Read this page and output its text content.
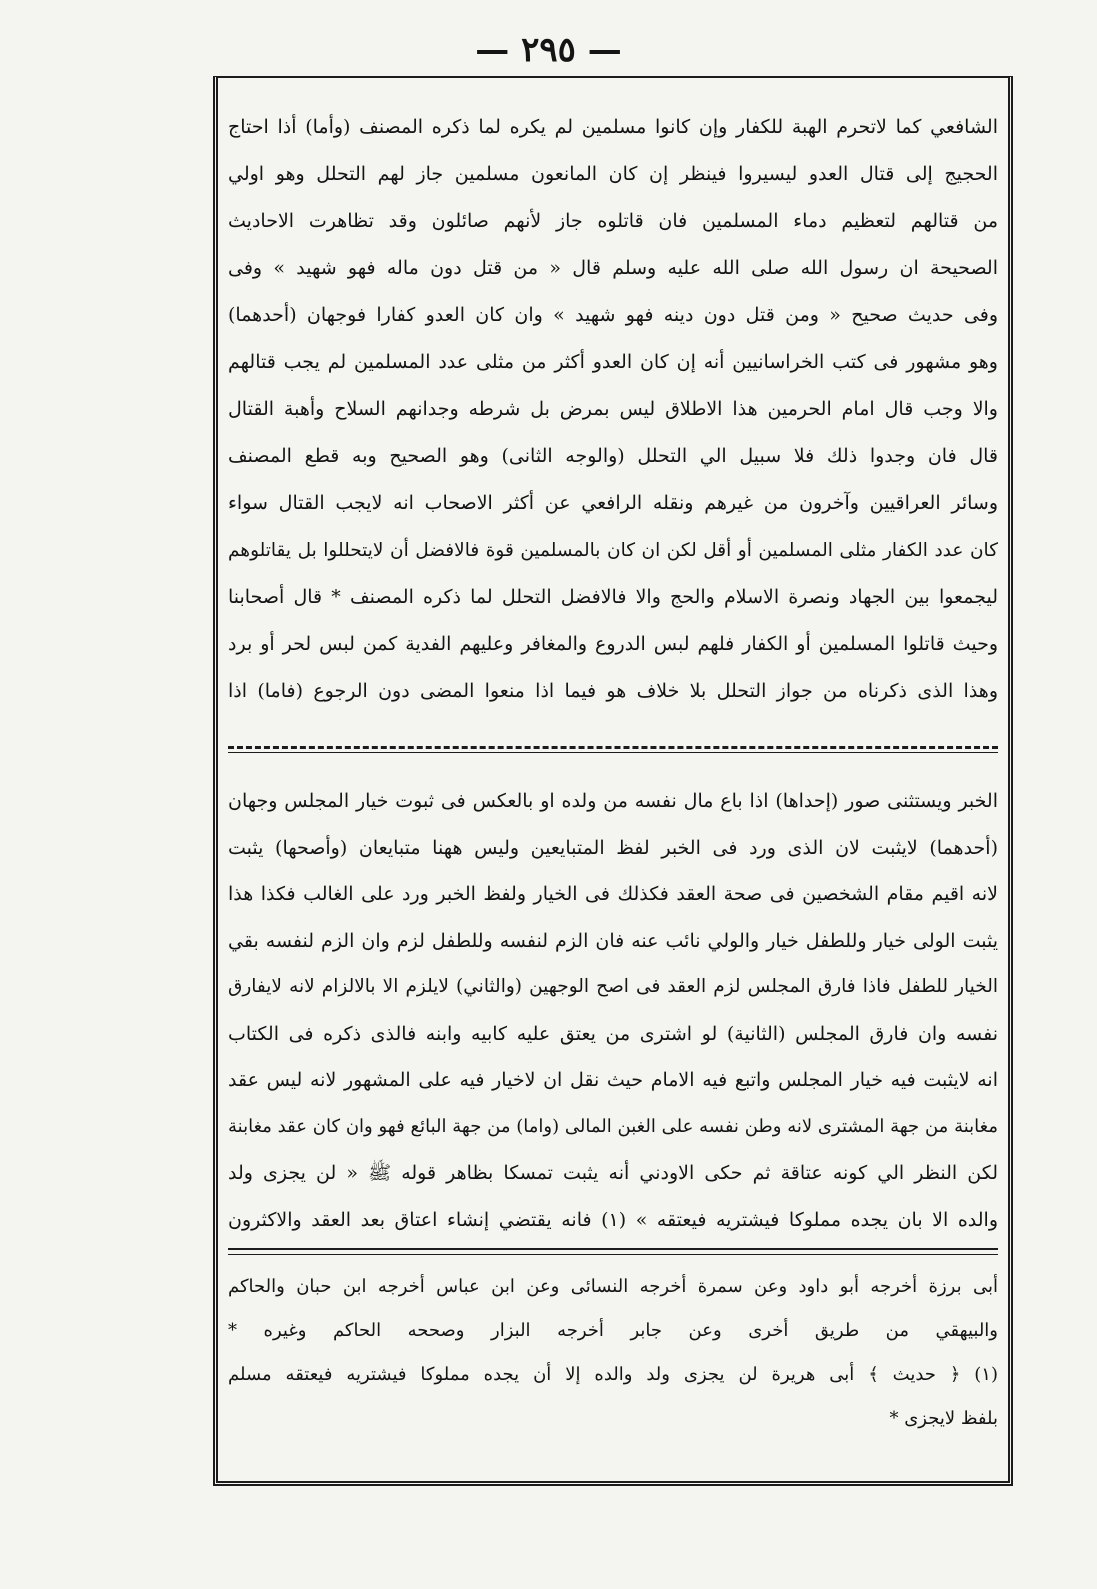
— ٢٩٥ —
الشافعي كما لاتحرم الهبة للكفار وإن كانوا مسلمين لم يكره لما ذكره المصنف (وأما) أذا احتاج
الحجيج إلى قتال العدو ليسيروا فينظر إن كان المانعون مسلمين جاز لهم التحلل وهو اولي
من قتالهم لتعظيم دماء المسلمين فان قاتلوه جاز لأنهم صائلون وقد تظاهرت الاحاديث
الصحيحة ان رسول الله صلى الله عليه وسلم قال « من قتل دون ماله فهو شهيد » وفى
وفى حديث صحيح « ومن قتل دون دينه فهو شهيد » وان كان العدو كفارا فوجهان (أحدهما)
وهو مشهور فى كتب الخراسانيين أنه إن كان العدو أكثر من مثلى عدد المسلمين لم يجب قتالهم
والا وجب قال امام الحرمين هذا الاطلاق ليس بمرض بل شرطه وجدانهم السلاح وأهبة القتال
قال فان وجدوا ذلك فلا سبيل الي التحلل (والوجه الثانى) وهو الصحيح وبه قطع المصنف
وسائر العراقيين وآخرون من غيرهم ونقله الرافعي عن أكثر الاصحاب انه لايجب القتال سواء
كان عدد الكفار مثلى المسلمين أو أقل لكن ان كان بالمسلمين قوة فالافضل أن لايتحللوا بل يقاتلوهم
ليجمعوا بين الجهاد ونصرة الاسلام والحج والا فالافضل التحلل لما ذكره المصنف * قال أصحابنا
وحيث قاتلوا المسلمين أو الكفار فلهم لبس الدروع والمغافر وعليهم الفدية كمن لبس لحر أو برد
وهذا الذى ذكرناه من جواز التحلل بلا خلاف هو فيما اذا منعوا المضى دون الرجوع (فاما) اذا
الخبر ويستثنى صور (إحداها) اذا باع مال نفسه من ولده او بالعكس فى ثبوت خيار المجلس وجهان
(أحدهما) لايثبت لان الذى ورد فى الخبر لفظ المتبايعين وليس ههنا متبايعان (وأصحها) يثبت
لانه اقيم مقام الشخصين فى صحة العقد فكذلك فى الخيار ولفظ الخبر ورد على الغالب فكذا هذا
يثبت الولى خيار وللطفل خيار والولي نائب عنه فان الزم لنفسه وللطفل لزم وان الزم لنفسه بقي
الخيار للطفل فاذا فارق المجلس لزم العقد فى اصح الوجهين (والثاني) لايلزم الا بالالزام لانه لايفارق
نفسه وان فارق المجلس (الثانية) لو اشترى من يعتق عليه كابيه وابنه فالذى ذكره فى الكتاب
انه لايثبت فيه خيار المجلس واتبع فيه الامام حيث نقل ان لاخيار فيه على المشهور لانه ليس عقد
مغابنة من جهة المشترى لانه وطن نفسه على الغبن المالى (واما) من جهة البائع فهو وان كان عقد مغابنة
لكن النظر الي كونه عتاقة ثم حكى الاودني أنه يثبت تمسكا بظاهر قوله ﷺ « لن يجزى ولد
والده الا بان يجده مملوكا فيشتريه فيعتقه » (١) فانه يقتضي إنشاء اعتاق بعد العقد والاكثرون
أبى برزة أخرجه أبو داود وعن سمرة أخرجه النسائى وعن ابن عباس أخرجه ابن حبان والحاكم
والبيهقي من طريق أخرى وعن جابر أخرجه البزار وصححه الحاكم وغيره *
(١) ﴿ حديث ﴾ أبى هريرة لن يجزى ولد والده إلا أن يجده مملوكا فيشتريه فيعتقه مسلم
بلفظ لايجزى *
